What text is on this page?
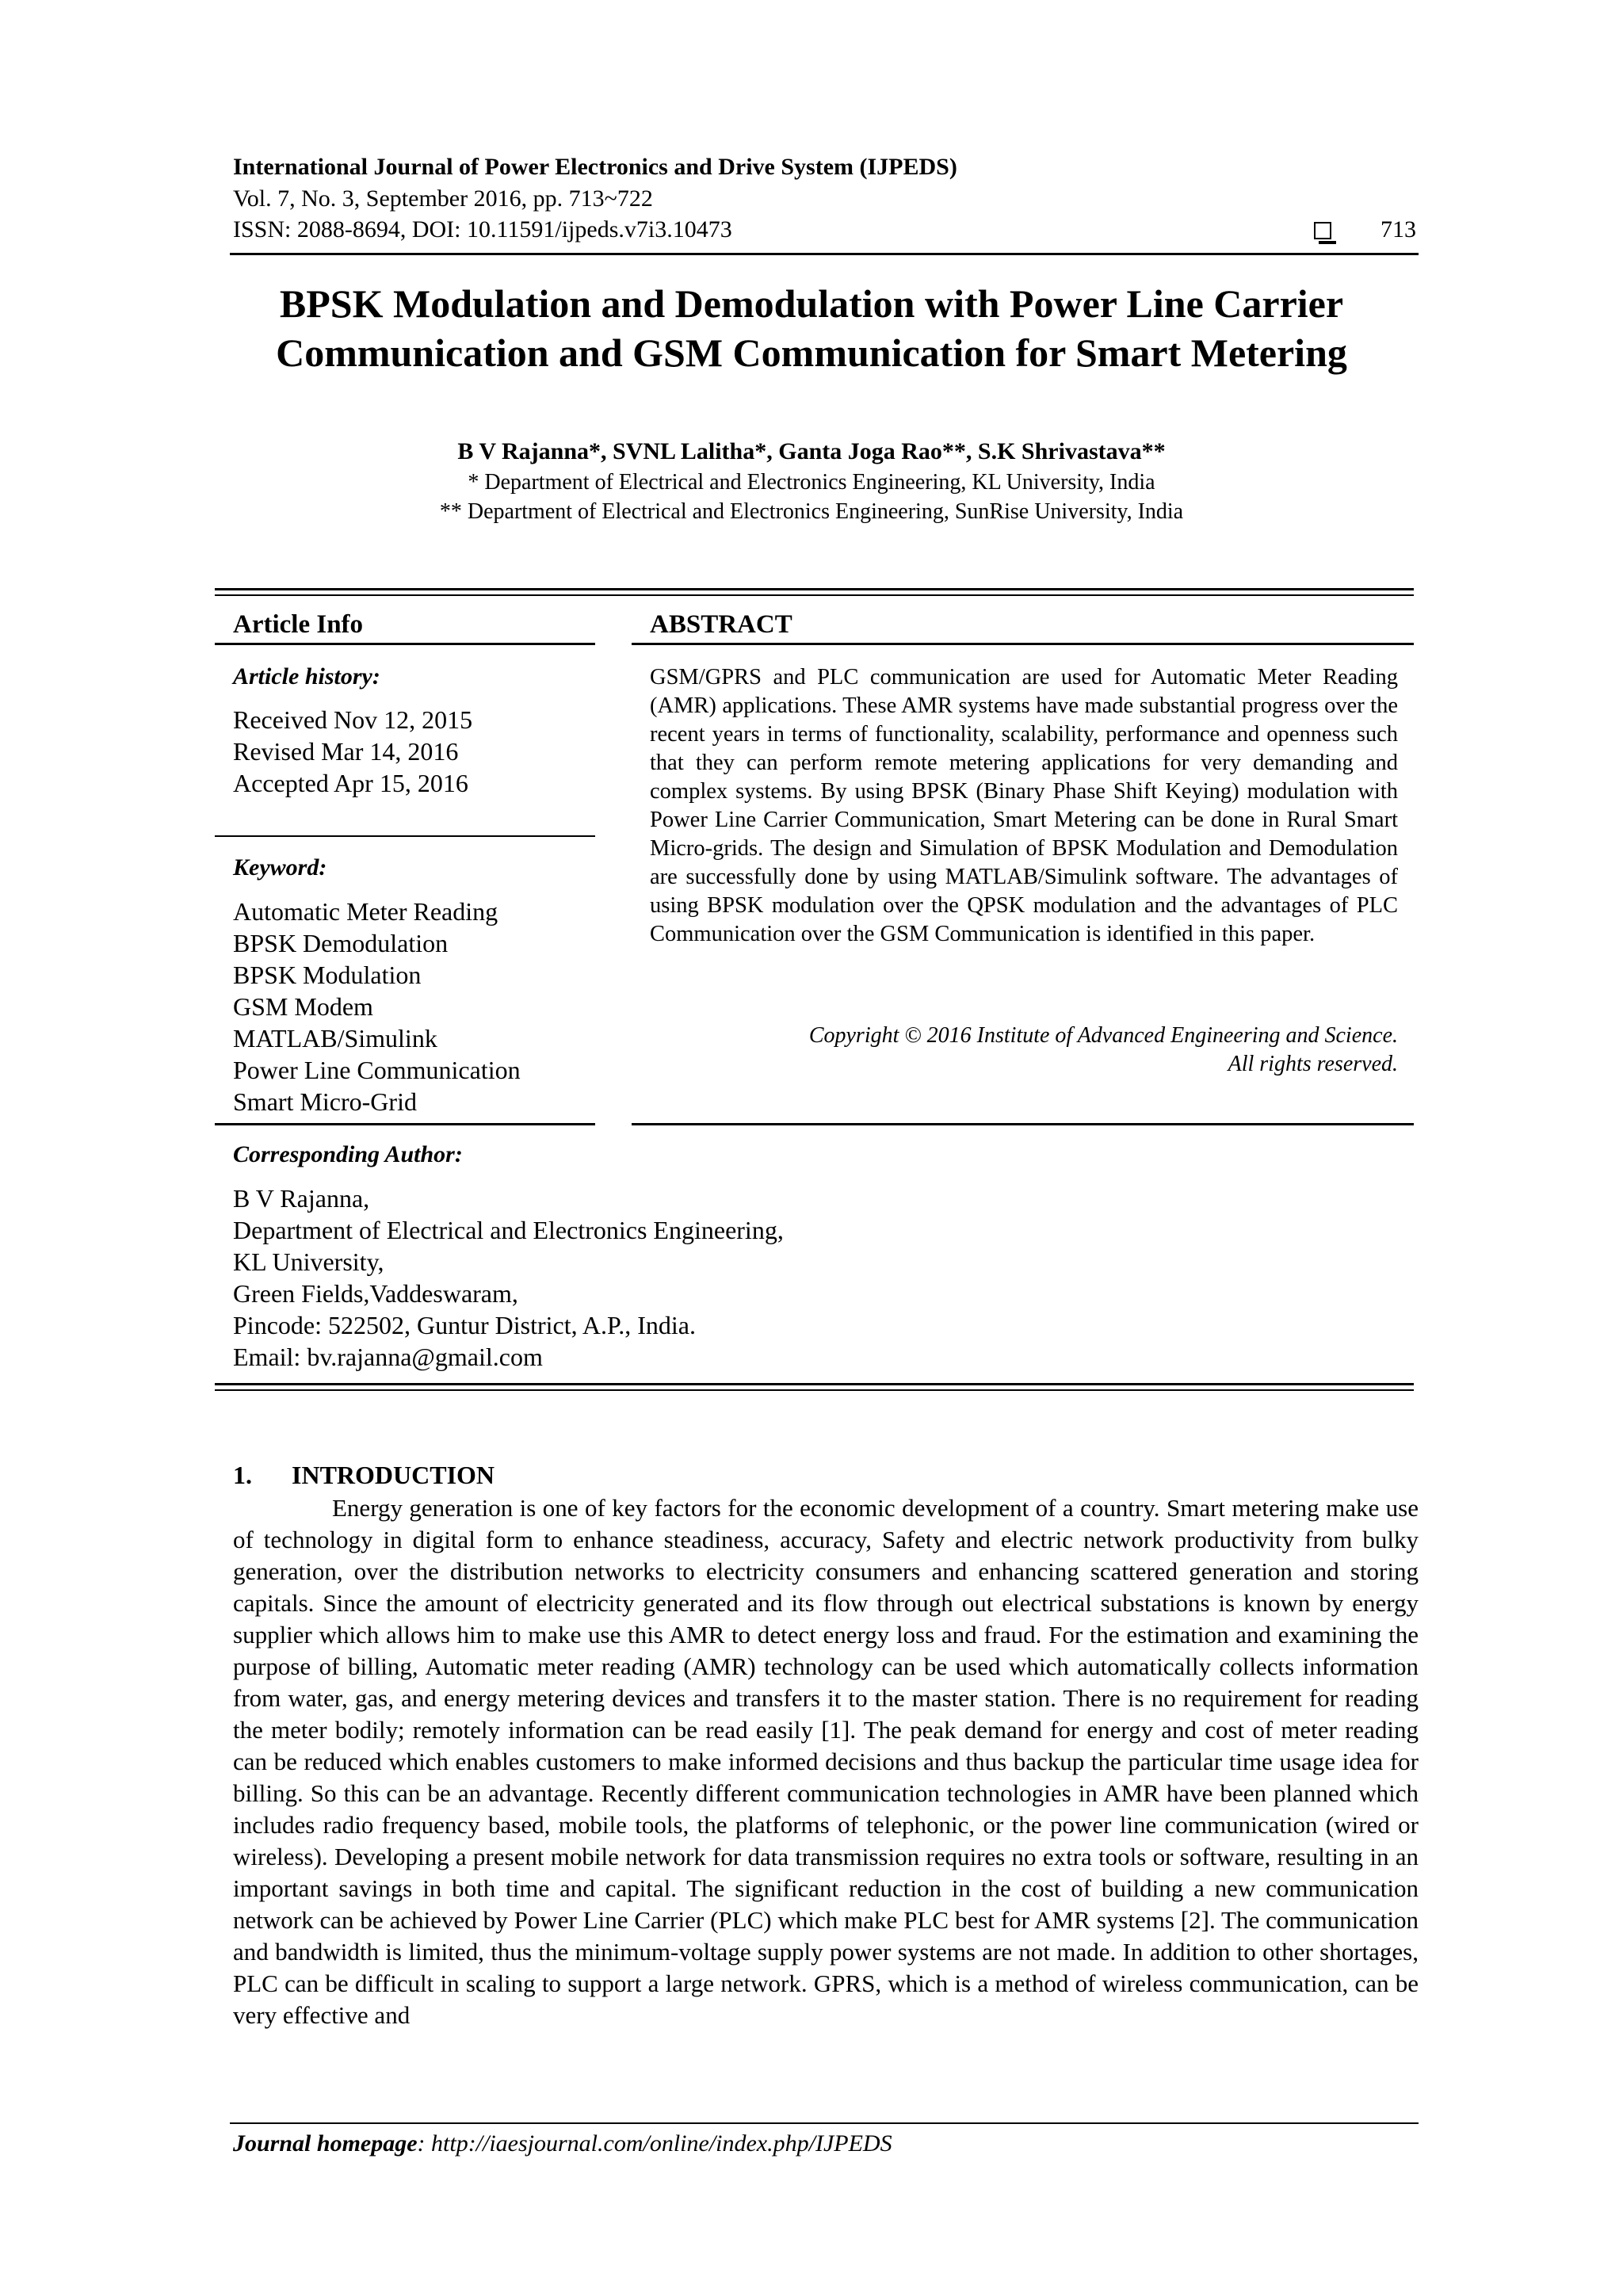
International Journal of Power Electronics and Drive System (IJPEDS)
Vol. 7, No. 3, September 2016, pp. 713~722
ISSN: 2088-8694, DOI: 10.11591/ijpeds.v7i3.10473	713
BPSK Modulation and Demodulation with Power Line Carrier
Communication and GSM Communication for Smart Metering
B V Rajanna*, SVNL Lalitha*, Ganta Joga Rao**, S.K Shrivastava**
* Department of Electrical and Electronics Engineering, KL University, India
** Department of Electrical and Electronics Engineering, SunRise University, India
Article Info	ABSTRACT
Article history:
Received Nov 12, 2015
Revised Mar 14, 2016
Accepted Apr 15, 2016
Keyword:
Automatic Meter Reading
BPSK Demodulation
BPSK Modulation
GSM Modem
MATLAB/Simulink
Power Line Communication
Smart Micro-Grid
GSM/GPRS and PLC communication are used for Automatic Meter Reading (AMR) applications. These AMR systems have made substantial progress over the recent years in terms of functionality, scalability, performance and openness such that they can perform remote metering applications for very demanding and complex systems. By using BPSK (Binary Phase Shift Keying) modulation with Power Line Carrier Communication, Smart Metering can be done in Rural Smart Micro-grids. The design and Simulation of BPSK Modulation and Demodulation are successfully done by using MATLAB/Simulink software. The advantages of using BPSK modulation over the QPSK modulation and the advantages of PLC Communication over the GSM Communication is identified in this paper.
Copyright © 2016 Institute of Advanced Engineering and Science.
All rights reserved.
Corresponding Author:
B V Rajanna,
Department of Electrical and Electronics Engineering,
KL University,
Green Fields,Vaddeswaram,
Pincode: 522502, Guntur District, A.P., India.
Email: bv.rajanna@gmail.com
1. INTRODUCTION
Energy generation is one of key factors for the economic development of a country. Smart metering make use of technology in digital form to enhance steadiness, accuracy, Safety and electric network productivity from bulky generation, over the distribution networks to electricity consumers and enhancing scattered generation and storing capitals. Since the amount of electricity generated and its flow through out electrical substations is known by energy supplier which allows him to make use this AMR to detect energy loss and fraud. For the estimation and examining the purpose of billing, Automatic meter reading (AMR) technology can be used which automatically collects information from water, gas, and energy metering devices and transfers it to the master station. There is no requirement for reading the meter bodily; remotely information can be read easily [1]. The peak demand for energy and cost of meter reading can be reduced which enables customers to make informed decisions and thus backup the particular time usage idea for billing. So this can be an advantage. Recently different communication technologies in AMR have been planned which includes radio frequency based, mobile tools, the platforms of telephonic, or the power line communication (wired or wireless). Developing a present mobile network for data transmission requires no extra tools or software, resulting in an important savings in both time and capital. The significant reduction in the cost of building a new communication network can be achieved by Power Line Carrier (PLC) which make PLC best for AMR systems [2]. The communication and bandwidth is limited, thus the minimum-voltage supply power systems are not made. In addition to other shortages, PLC can be difficult in scaling to support a large network. GPRS, which is a method of wireless communication, can be very effective and
Journal homepage: http://iaesjournal.com/online/index.php/IJPEDS
